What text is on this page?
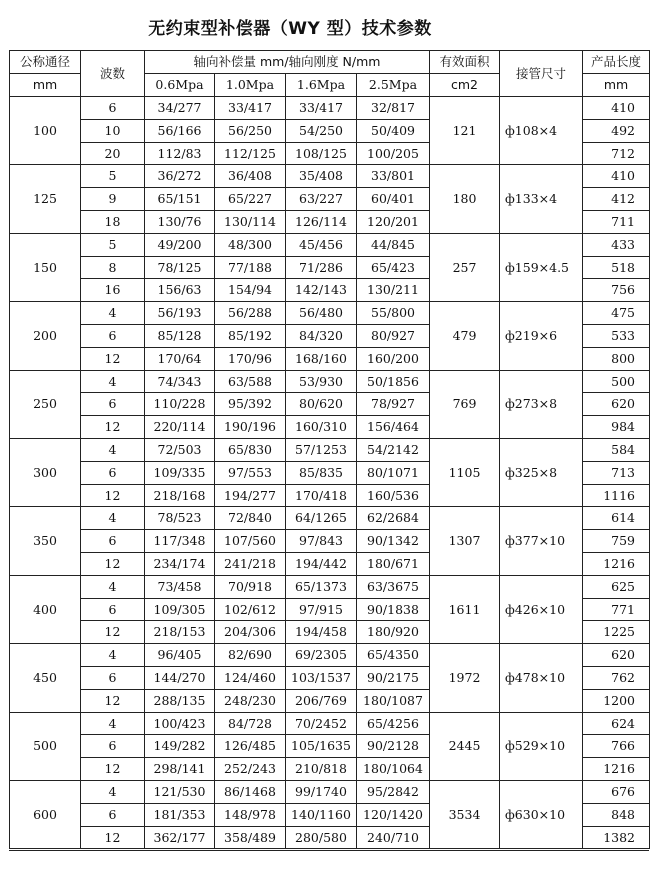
无约束型补偿器（WY 型）技术参数
公称通径	波数	轴向补偿量 mm/轴向刚度 N/mm				有效面积	接管尺寸	产品长度
mm		0.6Mpa	1.0Mpa	1.6Mpa	2.5Mpa	cm2		mm
100	6	34/277	33/417	33/417	32/817	121	ф108×4	410
	10	56/166	56/250	54/250	50/409			492
	20	112/83	112/125	108/125	100/205			712
125	5	36/272	36/408	35/408	33/801	180	ф133×4	410
	9	65/151	65/227	63/227	60/401			412
	18	130/76	130/114	126/114	120/201			711
150	5	49/200	48/300	45/456	44/845	257	ф159×4.5	433
	8	78/125	77/188	71/286	65/423			518
	16	156/63	154/94	142/143	130/211			756
200	4	56/193	56/288	56/480	55/800	479	ф219×6	475
	6	85/128	85/192	84/320	80/927			533
	12	170/64	170/96	168/160	160/200			800
250	4	74/343	63/588	53/930	50/1856	769	ф273×8	500
	6	110/228	95/392	80/620	78/927			620
	12	220/114	190/196	160/310	156/464			984
300	4	72/503	65/830	57/1253	54/2142	1105	ф325×8	584
	6	109/335	97/553	85/835	80/1071			713
	12	218/168	194/277	170/418	160/536			1116
350	4	78/523	72/840	64/1265	62/2684	1307	ф377×10	614
	6	117/348	107/560	97/843	90/1342			759
	12	234/174	241/218	194/442	180/671			1216
400	4	73/458	70/918	65/1373	63/3675	1611	ф426×10	625
	6	109/305	102/612	97/915	90/1838			771
	12	218/153	204/306	194/458	180/920			1225
450	4	96/405	82/690	69/2305	65/4350	1972	ф478×10	620
	6	144/270	124/460	103/1537	90/2175			762
	12	288/135	248/230	206/769	180/1087			1200
500	4	100/423	84/728	70/2452	65/4256	2445	ф529×10	624
	6	149/282	126/485	105/1635	90/2128			766
	12	298/141	252/243	210/818	180/1064			1216
600	4	121/530	86/1468	99/1740	95/2842	3534	ф630×10	676
	6	181/353	148/978	140/1160	120/1420			848
	12	362/177	358/489	280/580	240/710			1382
